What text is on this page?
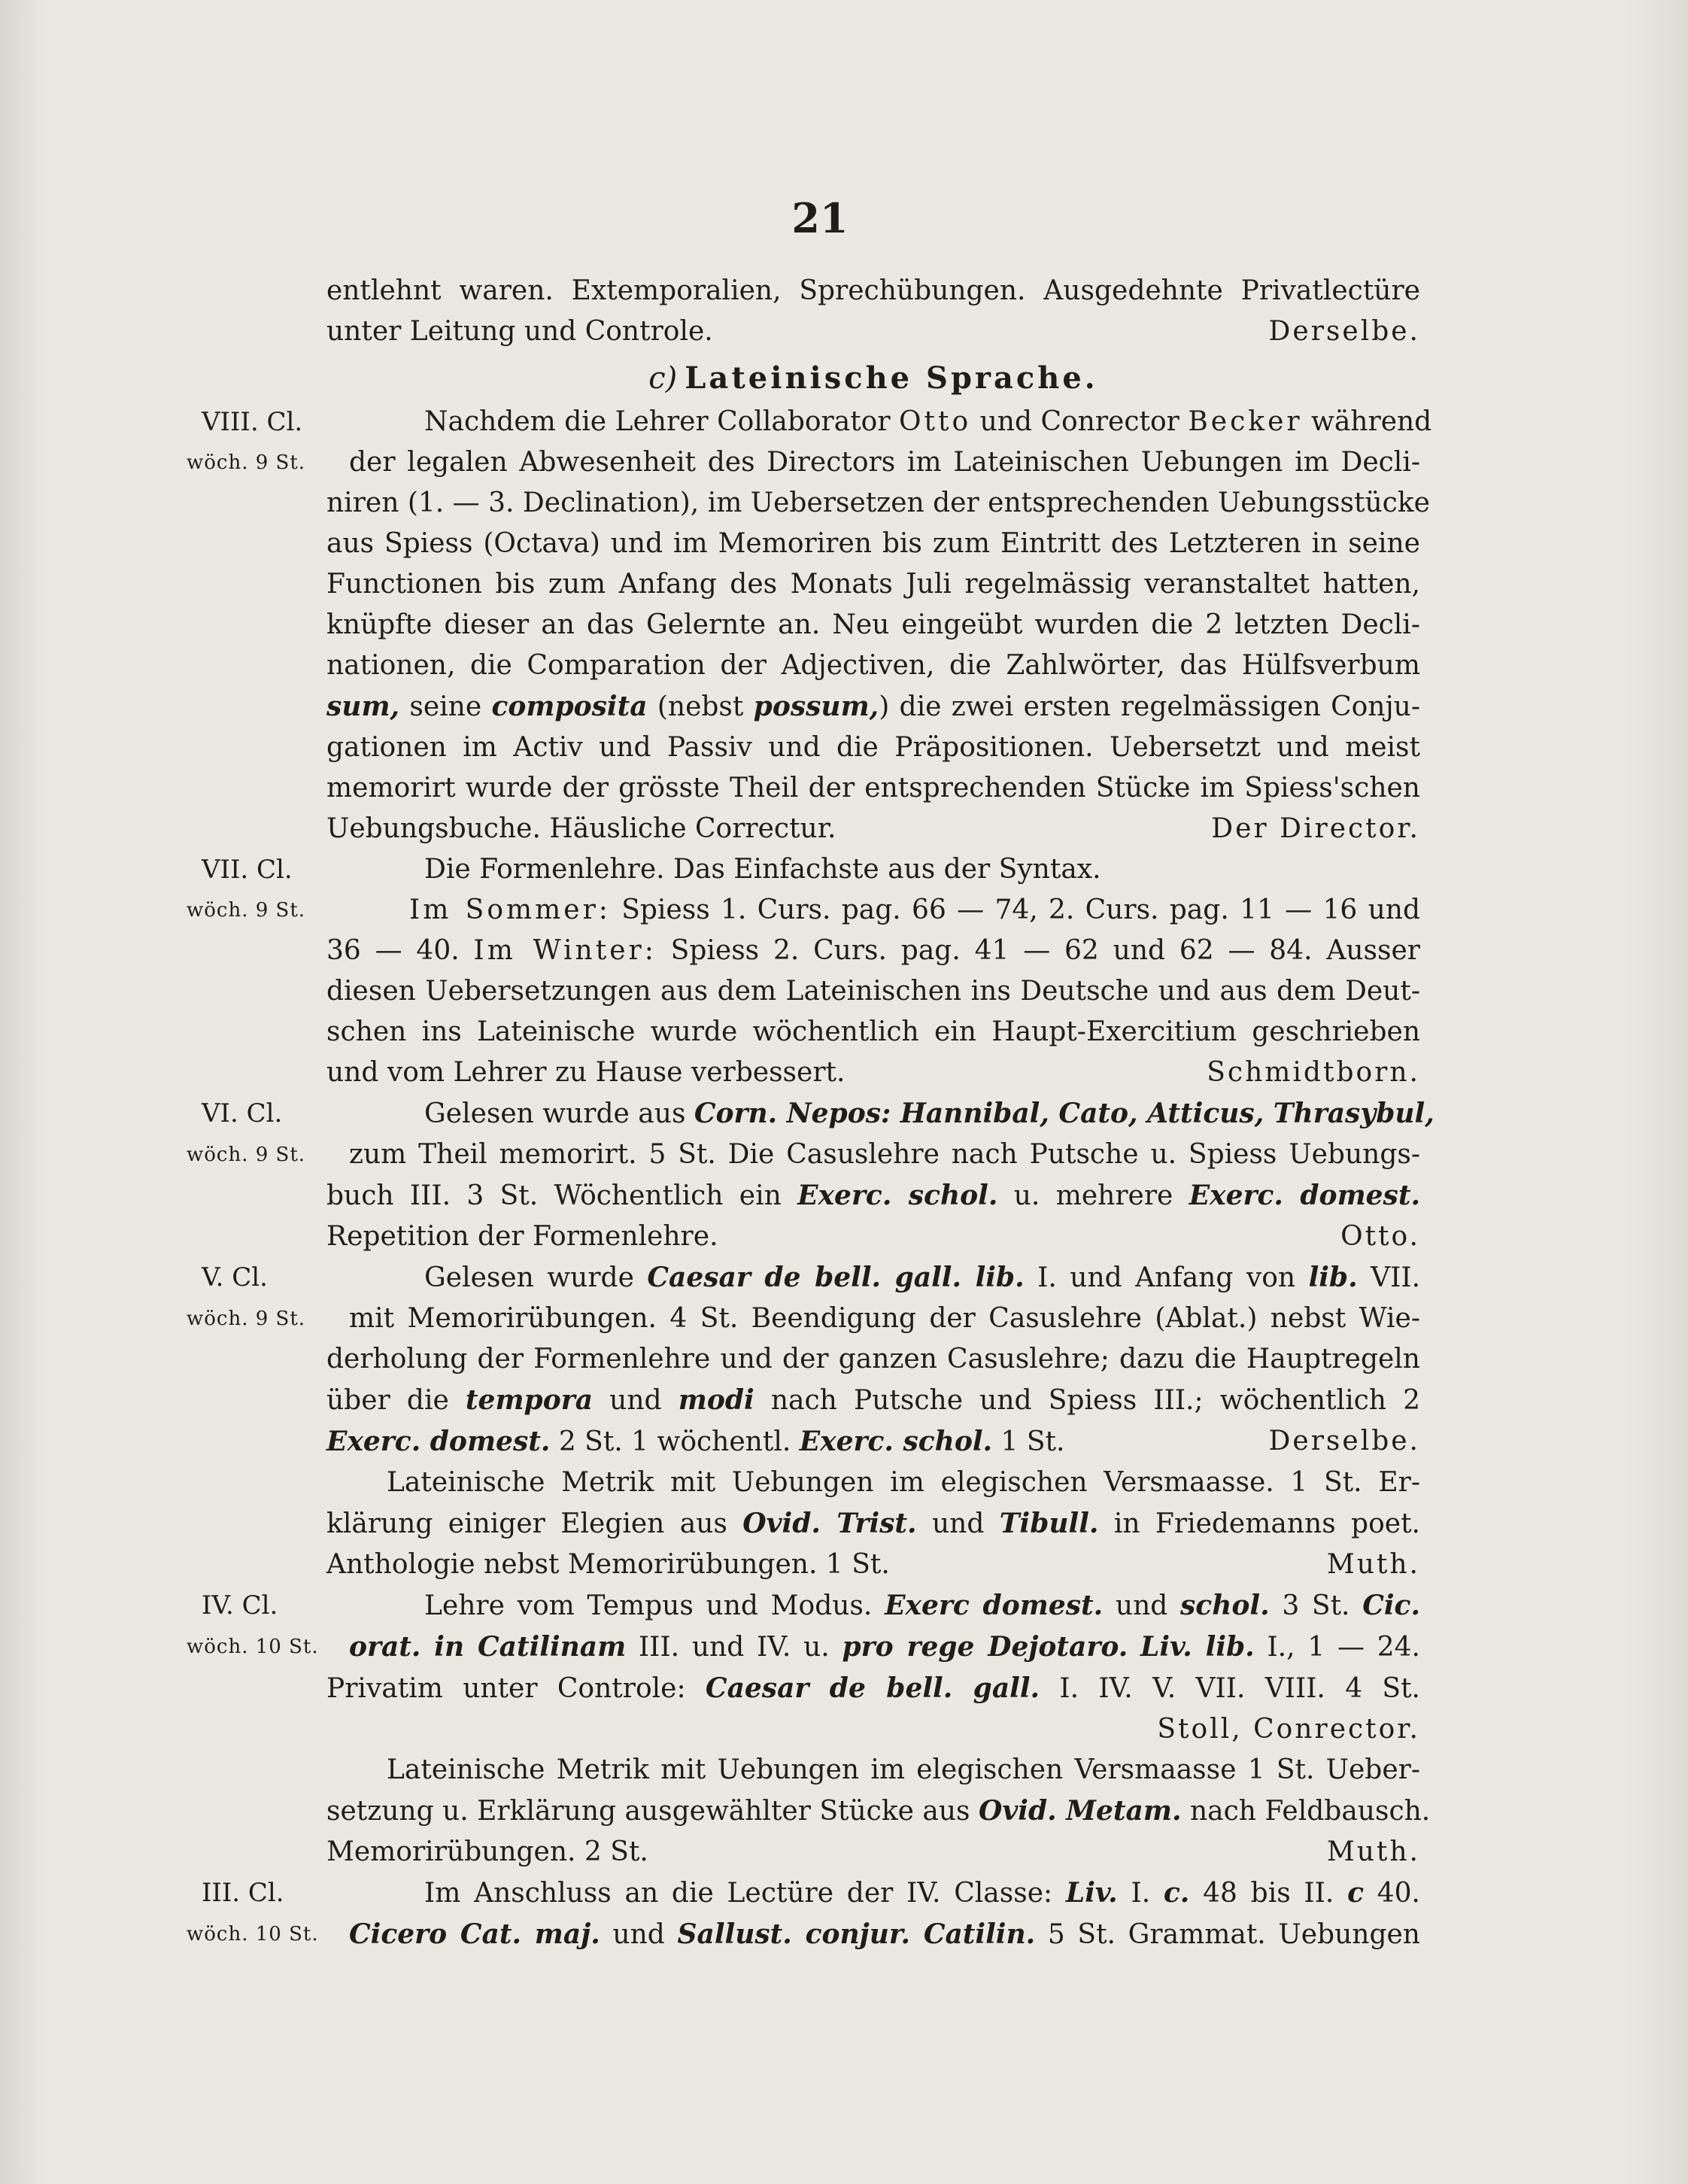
21
entlehnt waren. Extemporalien, Sprechübungen. Ausgedehnte Privatlectüre
unter Leitung und Controle.	Derselbe.
c) Lateinische Sprache.
VIII. Cl.	Nachdem die Lehrer Collaborator Otto und Conrector Becker während
wöch. 9 St.	der legalen Abwesenheit des Directors im Lateinischen Uebungen im Decli-
niren (1. — 3. Declination), im Uebersetzen der entsprechenden Uebungsstücke
aus Spiess (Octava) und im Memoriren bis zum Eintritt des Letzteren in seine
Functionen bis zum Anfang des Monats Juli regelmässig veranstaltet hatten,
knüpfte dieser an das Gelernte an. Neu eingeübt wurden die 2 letzten Decli-
nationen, die Comparation der Adjectiven, die Zahlwörter, das Hülfsverbum
sum, seine composita (nebst possum,) die zwei ersten regelmässigen Conju-
gationen im Activ und Passiv und die Präpositionen. Uebersetzt und meist
memorirt wurde der grösste Theil der entsprechenden Stücke im Spiess'schen
Uebungsbuche. Häusliche Correctur.	Der Director.
VII. Cl.	Die Formenlehre. Das Einfachste aus der Syntax.
wöch. 9 St.	Im Sommer: Spiess 1. Curs. pag. 66 — 74, 2. Curs. pag. 11 — 16 und
36 — 40. Im Winter: Spiess 2. Curs. pag. 41 — 62 und 62 — 84. Ausser
diesen Uebersetzungen aus dem Lateinischen ins Deutsche und aus dem Deut-
schen ins Lateinische wurde wöchentlich ein Haupt-Exercitium geschrieben
und vom Lehrer zu Hause verbessert.	Schmidtborn.
VI. Cl.	Gelesen wurde aus Corn. Nepos: Hannibal, Cato, Atticus, Thrasybul,
wöch. 9 St.	zum Theil memorirt. 5 St. Die Casuslehre nach Putsche u. Spiess Uebungs-
buch III. 3 St. Wöchentlich ein Exerc. schol. u. mehrere Exerc. domest.
Repetition der Formenlehre.	Otto.
V. Cl.	Gelesen wurde Caesar de bell. gall. lib. I. und Anfang von lib. VII.
wöch. 9 St.	mit Memorirübungen. 4 St. Beendigung der Casuslehre (Ablat.) nebst Wie-
derholung der Formenlehre und der ganzen Casuslehre; dazu die Hauptregeln
über die tempora und modi nach Putsche und Spiess III.; wöchentlich 2
Exerc. domest. 2 St. 1 wöchentl. Exerc. schol. 1 St.	Derselbe.
Lateinische Metrik mit Uebungen im elegischen Versmaasse. 1 St. Er-
klärung einiger Elegien aus Ovid. Trist. und Tibull. in Friedemanns poet.
Anthologie nebst Memorirübungen. 1 St.	Muth.
IV. Cl.	Lehre vom Tempus und Modus. Exerc domest. und schol. 3 St. Cic.
wöch. 10 St.	orat. in Catilinam III. und IV. u. pro rege Dejotaro. Liv. lib. I., 1 — 24.
Privatim unter Controle: Caesar de bell. gall. I. IV. V. VII. VIII. 4 St.
Stoll, Conrector.
Lateinische Metrik mit Uebungen im elegischen Versmaasse 1 St. Ueber-
setzung u. Erklärung ausgewählter Stücke aus Ovid. Metam. nach Feldbausch.
Memorirübungen. 2 St.	Muth.
III. Cl.	Im Anschluss an die Lectüre der IV. Classe: Liv. I. c. 48 bis II. c 40.
wöch. 10 St.	Cicero Cat. maj. und Sallust. conjur. Catilin. 5 St. Grammat. Uebungen
